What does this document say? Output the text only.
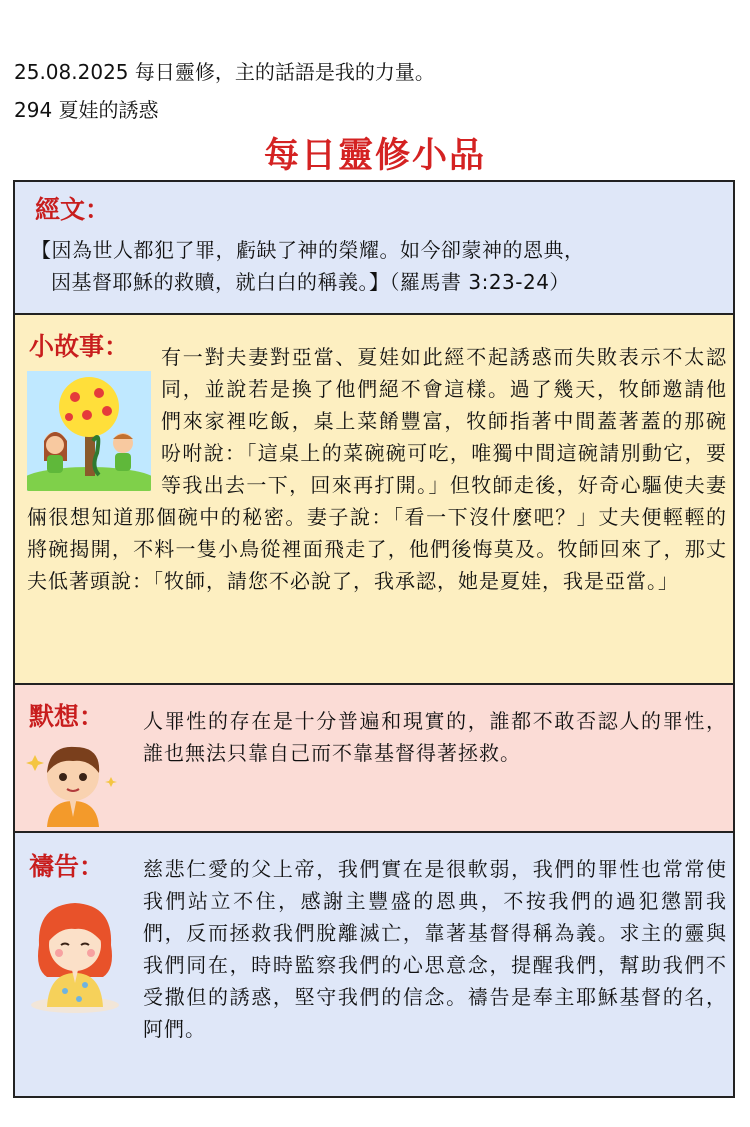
25.08.2025 每日靈修，主的話語是我的力量。
294 夏娃的誘惑
每日靈修小品
經文：
【因為世人都犯了罪，虧缺了神的榮耀。如今卻蒙神的恩典，
因基督耶穌的救贖，就白白的稱義。】（羅馬書 3:23-24）
小故事：	有一對夫妻對亞當、夏娃如此經不起誘惑而失敗表示不太認同，並說若是換了他們絕不會這樣。過了幾天，牧師邀請他們來家裡吃飯，桌上菜餚豐富，牧師指著中間蓋著蓋的那碗吩咐說：「這桌上的菜碗碗可吃，唯獨中間這碗請別動它，要等我出去一下，回來再打開。」但牧師走後，好奇心驅使夫妻倆很想知道那個碗中的秘密。妻子說：「看一下沒什麼吧？」丈夫便輕輕的將碗揭開，不料一隻小鳥從裡面飛走了，他們後悔莫及。牧師回來了，那丈夫低著頭說：「牧師，請您不必說了，我承認，她是夏娃，我是亞當。」
默想： 人罪性的存在是十分普遍和現實的，誰都不敢否認人的罪性，誰也無法只靠自己而不靠基督得著拯救。
禱告： 慈悲仁愛的父上帝，我們實在是很軟弱，我們的罪性也常常使我們站立不住，感謝主豐盛的恩典，不按我們的過犯懲罰我們，反而拯救我們脫離滅亡，靠著基督得稱為義。求主的靈與我們同在，時時監察我們的心思意念，提醒我們，幫助我們不受撒但的誘惑，堅守我們的信念。禱告是奉主耶穌基督的名，阿們。
